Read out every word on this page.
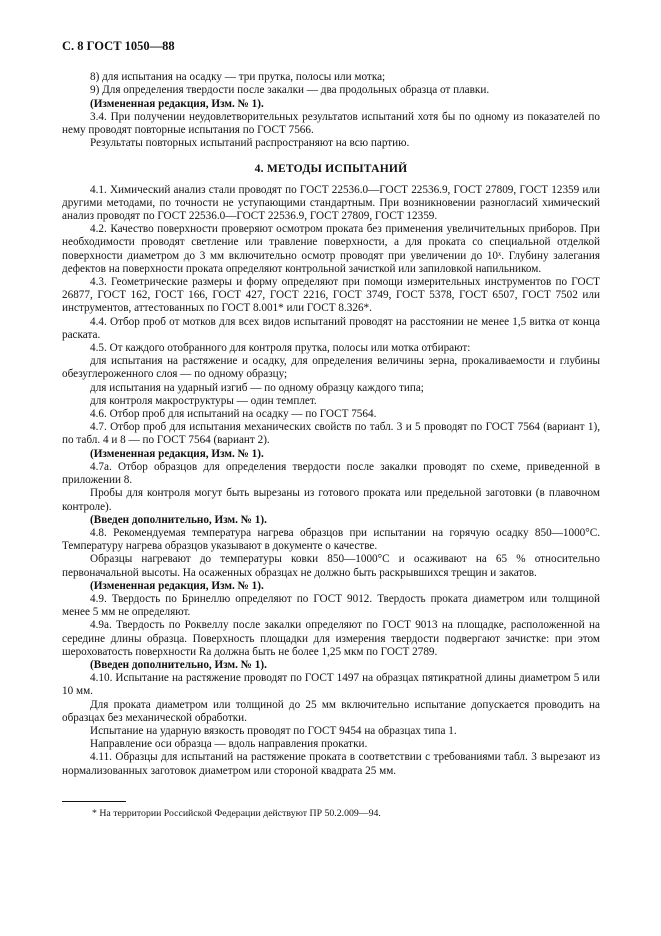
С. 8 ГОСТ 1050—88

8) для испытания на осадку — три прутка, полосы или мотка;

9) Для определения твердости после закалки — два продольных образца от плавки.

(Измененная редакция, Изм. № 1).

3.4. При получении неудовлетворительных результатов испытаний хотя бы по одному из показателей по нему проводят повторные испытания по ГОСТ 7566.

Результаты повторных испытаний распространяют на всю партию.

4. МЕТОДЫ ИСПЫТАНИЙ

4.1. Химический анализ стали проводят по ГОСТ 22536.0—ГОСТ 22536.9, ГОСТ 27809, ГОСТ 12359 или другими методами, по точности не уступающими стандартным. При возникновении разногласий химический анализ проводят по ГОСТ 22536.0—ГОСТ 22536.9, ГОСТ 27809, ГОСТ 12359.

4.2. Качество поверхности проверяют осмотром проката без применения увеличительных приборов. При необходимости проводят светление или травление поверхности, а для проката со специальной отделкой поверхности диаметром до 3 мм включительно осмотр проводят при увеличении до 10ˣ. Глубину залегания дефектов на поверхности проката определяют контрольной зачисткой или запиловкой напильником.

4.3. Геометрические размеры и форму определяют при помощи измерительных инструментов по ГОСТ 26877, ГОСТ 162, ГОСТ 166, ГОСТ 427, ГОСТ 2216, ГОСТ 3749, ГОСТ 5378, ГОСТ 6507, ГОСТ 7502 или инструментов, аттестованных по ГОСТ 8.001* или ГОСТ 8.326*.

4.4. Отбор проб от мотков для всех видов испытаний проводят на расстоянии не менее 1,5 витка от конца раската.

4.5. От каждого отобранного для контроля прутка, полосы или мотка отбирают:

для испытания на растяжение и осадку, для определения величины зерна, прокаливаемости и глубины обезуглероженного слоя — по одному образцу;

для испытания на ударный изгиб — по одному образцу каждого типа;

для контроля макроструктуры — один темплет.

4.6. Отбор проб для испытаний на осадку — по ГОСТ 7564.

4.7. Отбор проб для испытания механических свойств по табл. 3 и 5 проводят по ГОСТ 7564 (вариант 1), по табл. 4 и 8 — по ГОСТ 7564 (вариант 2).

(Измененная редакция, Изм. № 1).

4.7а. Отбор образцов для определения твердости после закалки проводят по схеме, приведенной в приложении 8.

Пробы для контроля могут быть вырезаны из готового проката или предельной заготовки (в плавочном контроле).

(Введен дополнительно, Изм. № 1).

4.8. Рекомендуемая температура нагрева образцов при испытании на горячую осадку 850—1000°С. Температуру нагрева образцов указывают в документе о качестве.

Образцы нагревают до температуры ковки 850—1000°С и осаживают на 65 % относительно первоначальной высоты. На осаженных образцах не должно быть раскрывшихся трещин и закатов.

(Измененная редакция, Изм. № 1).

4.9. Твердость по Бринеллю определяют по ГОСТ 9012. Твердость проката диаметром или толщиной менее 5 мм не определяют.

4.9а. Твердость по Роквеллу после закалки определяют по ГОСТ 9013 на площадке, расположенной на середине длины образца. Поверхность площадки для измерения твердости подвергают зачистке: при этом шероховатость поверхности Ra должна быть не более 1,25 мкм по ГОСТ 2789.

(Введен дополнительно, Изм. № 1).

4.10. Испытание на растяжение проводят по ГОСТ 1497 на образцах пятикратной длины диаметром 5 или 10 мм.

Для проката диаметром или толщиной до 25 мм включительно испытание допускается проводить на образцах без механической обработки.

Испытание на ударную вязкость проводят по ГОСТ 9454 на образцах типа 1.

Направление оси образца — вдоль направления прокатки.

4.11. Образцы для испытаний на растяжение проката в соответствии с требованиями табл. 3 вырезают из нормализованных заготовок диаметром или стороной квадрата 25 мм.

* На территории Российской Федерации действуют ПР 50.2.009—94.
